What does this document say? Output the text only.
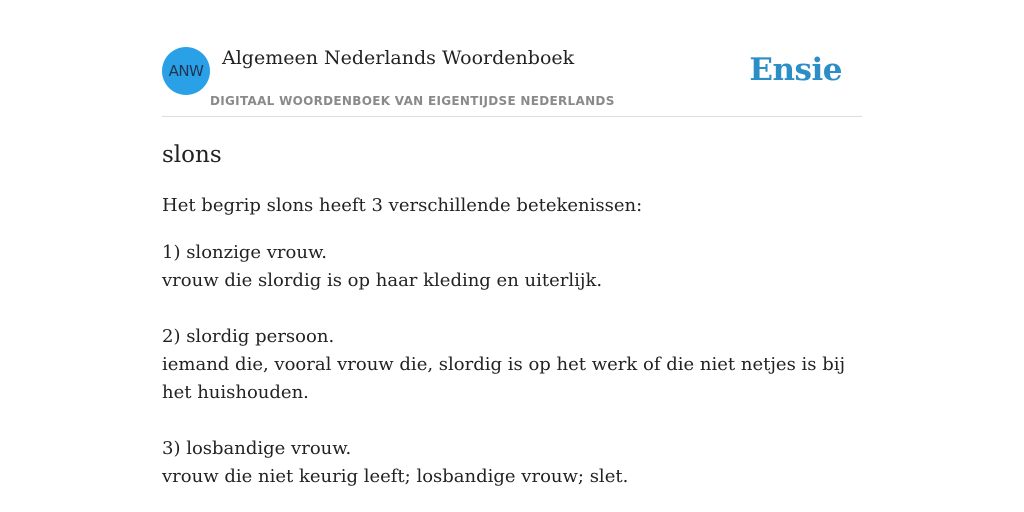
ANW
Algemeen Nederlands Woordenboek
DIGITAAL WOORDENBOEK VAN EIGENTIJDSE NEDERLANDS
Ensie
slons

Het begrip slons heeft 3 verschillende betekenissen:

1) slonzige vrouw.
vrouw die slordig is op haar kleding en uiterlijk.
2) slordig persoon.
iemand die, vooral vrouw die, slordig is op het werk of die niet netjes is bij het huishouden.
3) losbandige vrouw.
vrouw die niet keurig leeft; losbandige vrouw; slet.
